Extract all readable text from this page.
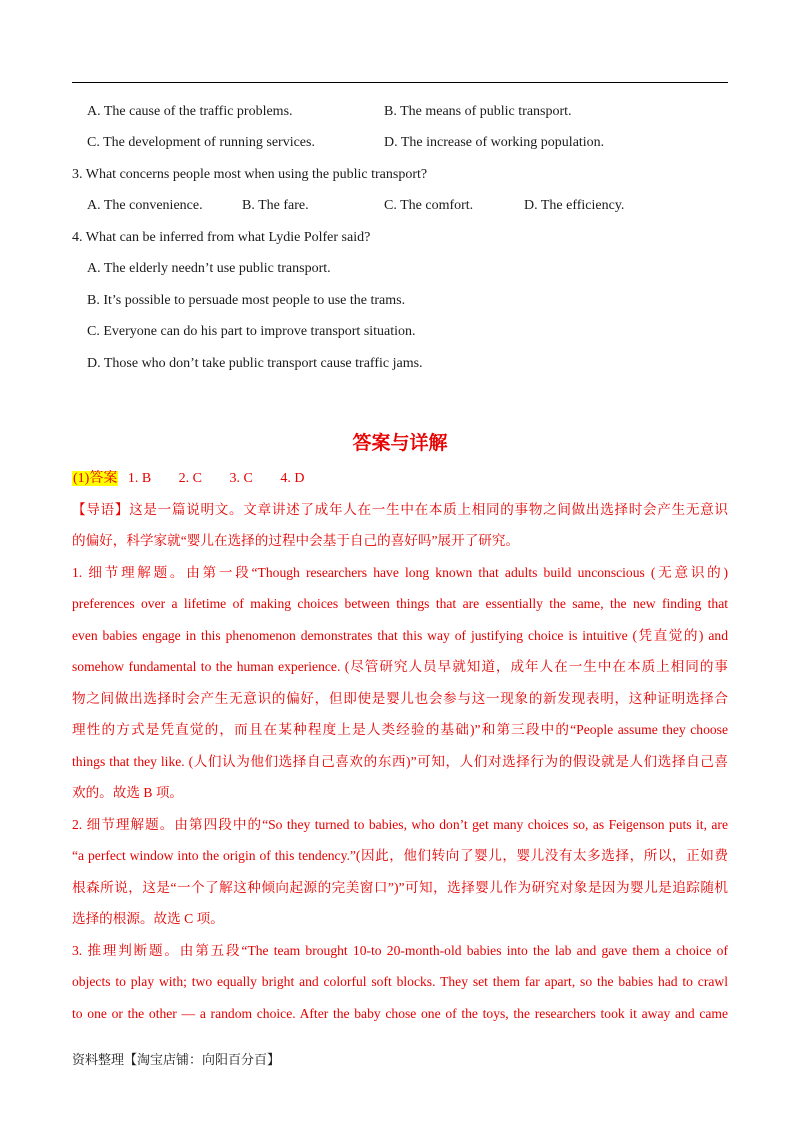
A. The cause of the traffic problems.	B. The means of public transport.
C. The development of running services.	D. The increase of working population.
3. What concerns people most when using the public transport?
A. The convenience.	B. The fare.	C. The comfort.	D. The efficiency.
4. What can be inferred from what Lydie Polfer said?
A. The elderly needn’t use public transport.
B. It’s possible to persuade most people to use the trams.
C. Everyone can do his part to improve transport situation.
D. Those who don’t take public transport cause traffic jams.
答案与详解
(1)答案 1. B 2. C 3. C 4. D
【导语】这是一篇说明文。文章讲述了成年人在一生中在本质上相同的事物之间做出选择时会产生无意识
的偏好，科学家就“婴儿在选择的过程中会基于自己的喜好吗”展开了研究。
1. 细节理解题。由第一段“Though researchers have long known that adults build unconscious (无意识的)
preferences over a lifetime of making choices between things that are essentially the same, the new finding that
even babies engage in this phenomenon demonstrates that this way of justifying choice is intuitive (凭直觉的) and
somehow fundamental to the human experience. (尽管研究人员早就知道，成年人在一生中在本质上相同的事
物之间做出选择时会产生无意识的偏好，但即使是婴儿也会参与这一现象的新发现表明，这种证明选择合
理性的方式是凭直觉的，而且在某种程度上是人类经验的基础)”和第三段中的“People assume they choose
things that they like. (人们认为他们选择自己喜欢的东西)”可知，人们对选择行为的假设就是人们选择自己喜
欢的。故选 B 项。
2. 细节理解题。由第四段中的“So they turned to babies, who don’t get many choices so, as Feigenson puts it, are
“a perfect window into the origin of this tendency.”(因此，他们转向了婴儿，婴儿没有太多选择，所以，正如费
根森所说，这是“一个了解这种倾向起源的完美窗口”)”可知，选择婴儿作为研究对象是因为婴儿是追踪随机
选择的根源。故选 C 项。
3. 推理判断题。由第五段“The team brought 10-to 20-month-old babies into the lab and gave them a choice of
objects to play with; two equally bright and colorful soft blocks. They set them far apart, so the babies had to crawl
to one or the other — a random choice. After the baby chose one of the toys, the researchers took it away and came
资料整理【淘宝店铺：向阳百分百】
